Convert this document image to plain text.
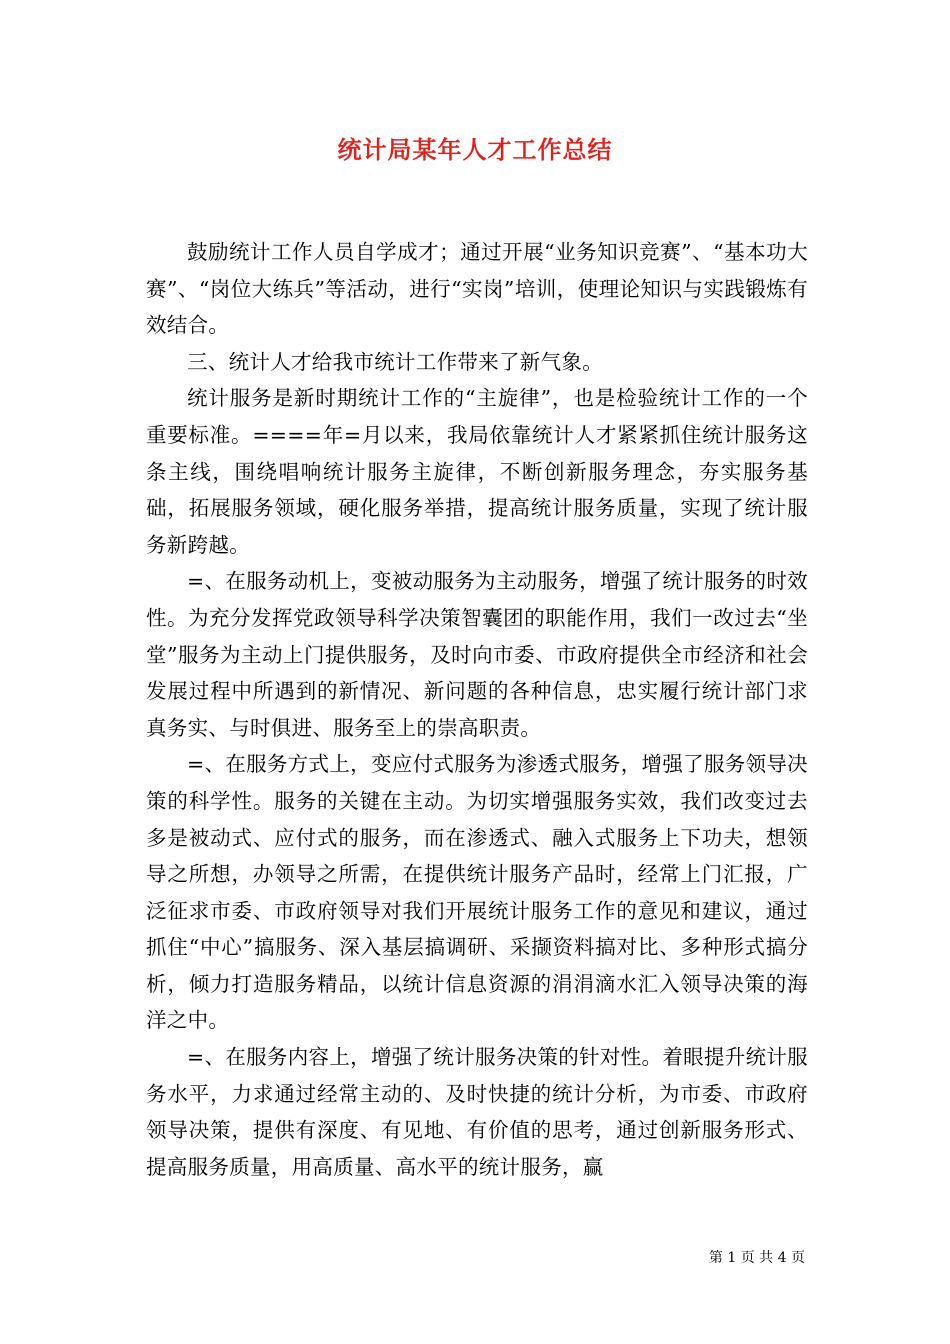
统计局某年人才工作总结

鼓励统计工作人员自学成才；通过开展“业务知识竞赛”、“基本功大赛”、“岗位大练兵”等活动，进行“实岗”培训，使理论知识与实践锻炼有效结合。

三、统计人才给我市统计工作带来了新气象。

统计服务是新时期统计工作的“主旋律”，也是检验统计工作的一个重要标准。====年=月以来，我局依靠统计人才紧紧抓住统计服务这条主线，围绕唱响统计服务主旋律，不断创新服务理念，夯实服务基础，拓展服务领域，硬化服务举措，提高统计服务质量，实现了统计服务新跨越。

=、在服务动机上，变被动服务为主动服务，增强了统计服务的时效性。为充分发挥党政领导科学决策智囊团的职能作用，我们一改过去“坐堂”服务为主动上门提供服务，及时向市委、市政府提供全市经济和社会发展过程中所遇到的新情况、新问题的各种信息，忠实履行统计部门求真务实、与时俱进、服务至上的崇高职责。

=、在服务方式上，变应付式服务为渗透式服务，增强了服务领导决策的科学性。服务的关键在主动。为切实增强服务实效，我们改变过去多是被动式、应付式的服务，而在渗透式、融入式服务上下功夫，想领导之所想，办领导之所需，在提供统计服务产品时，经常上门汇报，广泛征求市委、市政府领导对我们开展统计服务工作的意见和建议，通过抓住“中心”搞服务、深入基层搞调研、采撷资料搞对比、多种形式搞分析，倾力打造服务精品，以统计信息资源的涓涓滴水汇入领导决策的海洋之中。

=、在服务内容上，增强了统计服务决策的针对性。着眼提升统计服务水平，力求通过经常主动的、及时快捷的统计分析，为市委、市政府领导决策，提供有深度、有见地、有价值的思考，通过创新服务形式、提高服务质量，用高质量、高水平的统计服务，赢

第 1 页 共 4 页
